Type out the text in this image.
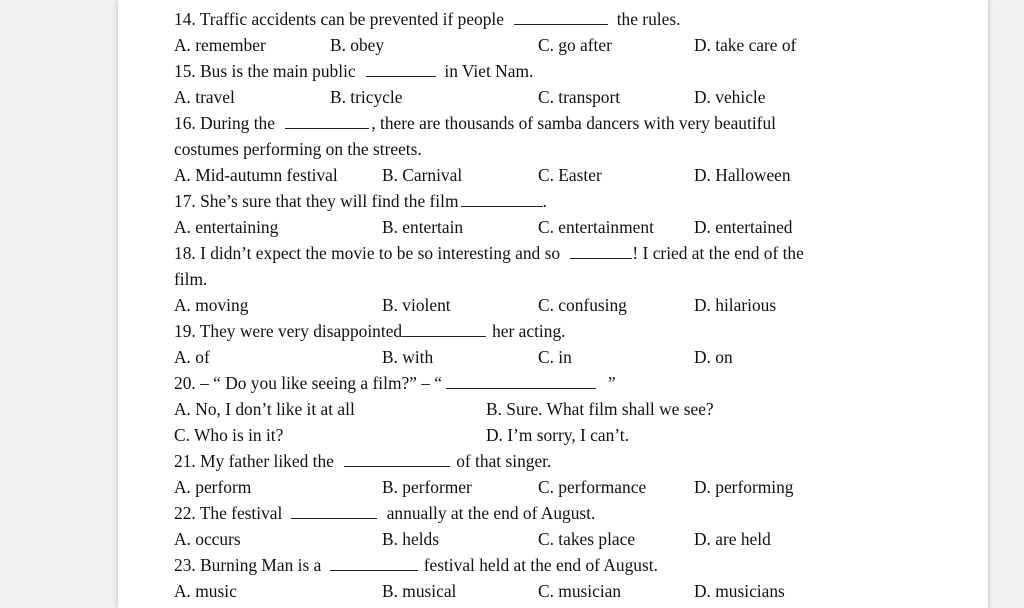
14. Traffic accidents can be prevented if people	the rules.
A. remember	B. obey	C. go after	D. take care of
15. Bus is the main public	in Viet Nam.
A. travel	B. tricycle	C. transport	D. vehicle
16. During the	, there are thousands of samba dancers with very beautiful
costumes performing on the streets.
A. Mid-autumn festival	B. Carnival	C. Easter	D. Halloween
17. She’s sure that they will find the film	.
A. entertaining	B. entertain	C. entertainment D. entertained
18. I didn’t expect the movie to be so interesting and so	! I cried at the end of the
film.
A. moving	B. violent	C. confusing	D. hilarious
19. They were very disappointed	her acting.
A. of	B. with	C. in	D. on
20. – “ Do you like seeing a film?” – “	”
A. No, I don’t like it at all	B. Sure. What film shall we see?
C. Who is in it?	D. I’m sorry, I can’t.
21. My father liked the	of that singer.
A. perform	B. performer	C. performance	D. performing
22. The festival	annually at the end of August.
A. occurs	B. helds	C. takes place	D. are held
23. Burning Man is a	festival held at the end of August.
A. music	B. musical	C. musician	D. musicians
